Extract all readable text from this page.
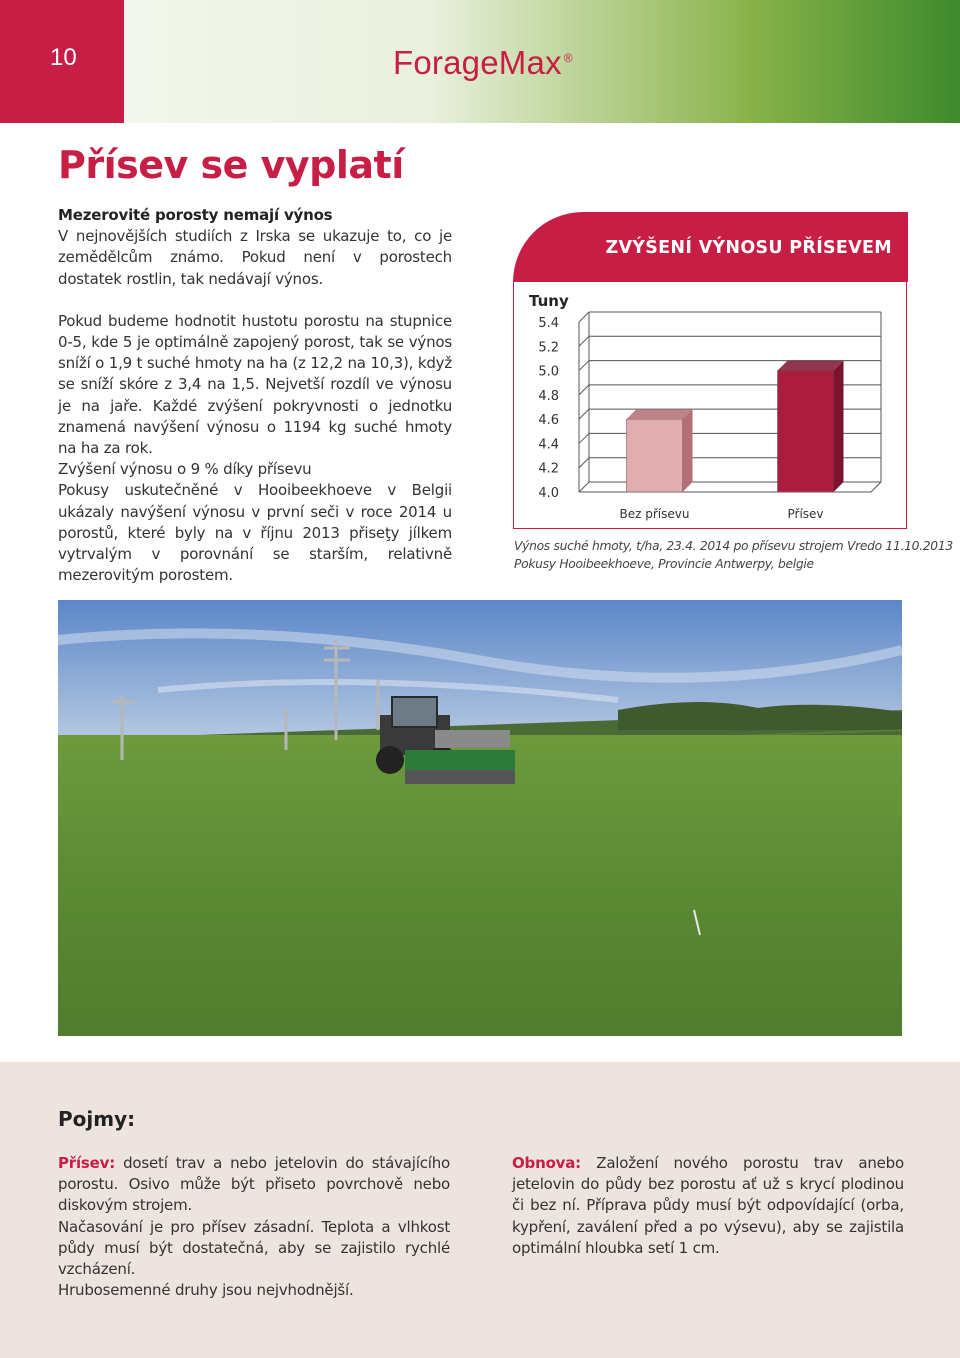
10	ForageMax ®
Přísev se vyplatí

Mezerovité porosty nemají výnos

V nejnovějších studiích z Irska se ukazuje to, co je zemědělcům známo. Pokud není v porostech dostatek rostlin, tak nedávají výnos.

Pokud budeme hodnotit hustotu porostu na stupnice 0-5, kde 5 je optimálně zapojený porost, tak se výnos sníží o 1,9 t suché hmoty na ha (z 12,2 na 10,3), když se sníží skóre z 3,4 na 1,5. Nejvetší rozdíl ve výnosu je na jaře. Každé zvýšení pokryvnosti o jednotku znamená navýšení výnosu o 1194 kg suché hmoty na ha za rok.

Zvýšení výnosu o 9 % díky přísevu

Pokusy uskutečněné v Hooibeekhoeve v Belgii ukázaly navýšení výnosu v první seči v roce 2014 u porostů, které byly na v říjnu 2013 přiseţy jílkem vytrvalým v porovnání se starším, relativně mezerovitým porostem.

ZVÝŠENÍ VÝNOSU PŘÍSEVEM
Tuny
5.4
5.2
5.0
4.8
4.6
4.4
4.2
4.0
Bez přísevu	Přísev
Výnos suché hmoty, t/ha, 23.4. 2014 po přísevu strojem Vredo 11.10.2013
Pokusy Hooibeekhoeve, Provincie Antwerpy, belgie
Pojmy:

Přísev: dosetí trav a nebo jetelovin do stávajícího porostu. Osivo může být přiseto povrchově nebo diskovým strojem.

Načasování je pro přísev zásadní. Teplota a vlhkost půdy musí být dostatečná, aby se zajistilo rychlé vzcházení.

Hrubosemenné druhy jsou nejvhodnější.

Obnova: Založení nového porostu trav anebo jetelovin do půdy bez porostu ať už s krycí plodinou či bez ní. Příprava půdy musí být odpovídající (orba, kypření, zaválení před a po výsevu), aby se zajistila optimální hloubka setí 1 cm.
